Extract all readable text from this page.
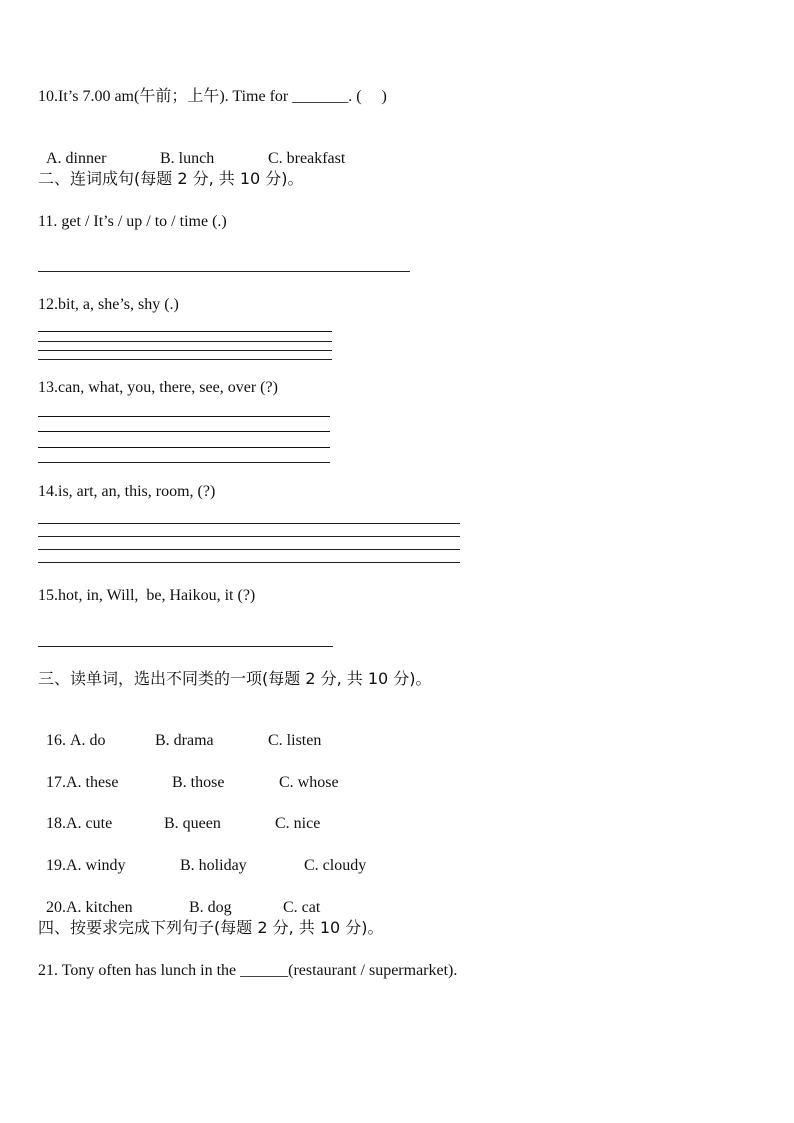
10.It’s 7.00 am(午前；上午). Time for _______. (     )

A. dinner	B. lunch	C. breakfast

二、连词成句(每题 2 分, 共 10 分)。
11. get / It’s / up / to / time (.)
12.bit, a, she’s, shy (.)
13.can, what, you, there, see, over (?)
14.is, art, an, this, room, (?)
15.hot, in, Will,  be, Haikou, it (?)
三、读单词，选出不同类的一项(每题 2 分, 共 10 分)。

16. A. do	B. drama	C. listen

17.A. these	B. those	C. whose

18.A. cute	B. queen	C. nice

19.A. windy	B. holiday	C. cloudy

20.A. kitchen	B. dog	C. cat

四、按要求完成下列句子(每题 2 分, 共 10 分)。
21. Tony often has lunch in the ______(restaurant / supermarket).
